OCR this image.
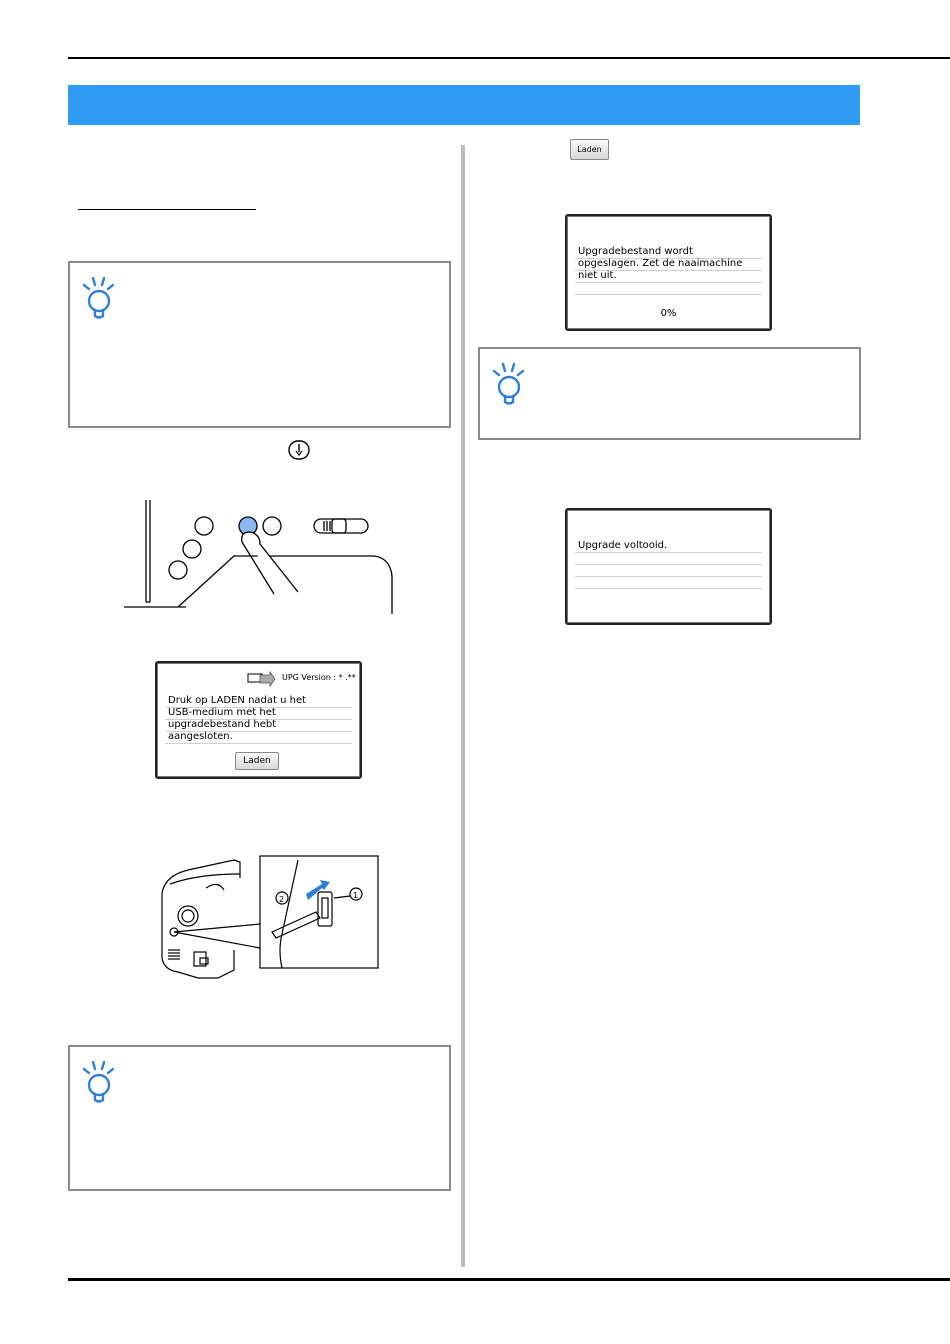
UPG Version : * .**
Druk op LADEN nadat u het
USB-medium met het
upgradebestand hebt
aangesloten.
Laden
1
2
Laden
Upgradebestand wordt
opgeslagen. Zet de naaimachine
niet uit.
0%
Upgrade voltooid.
